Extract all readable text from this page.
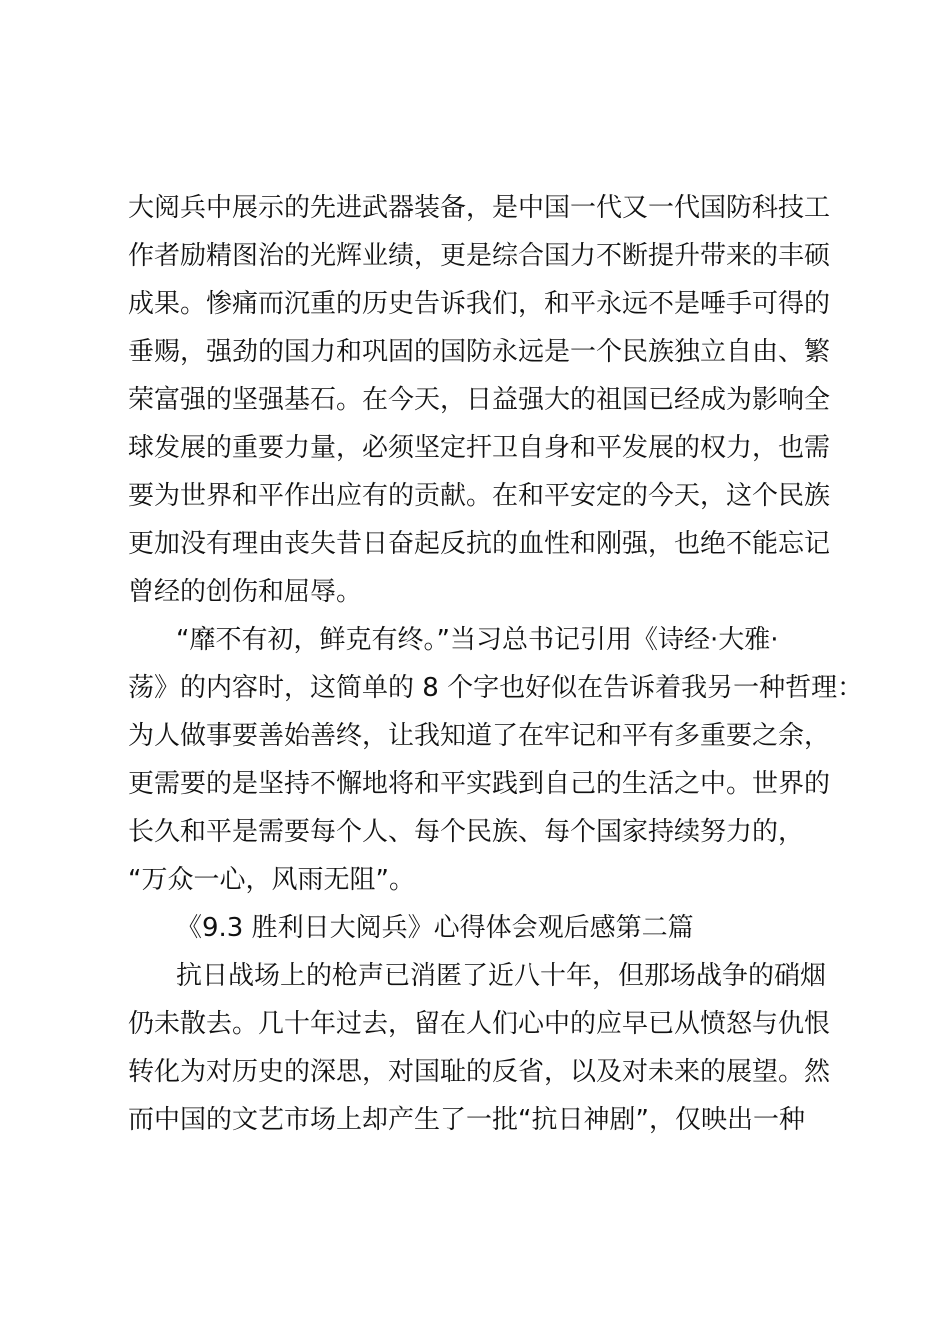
大阅兵中展示的先进武器装备，是中国一代又一代国防科技工
作者励精图治的光辉业绩，更是综合国力不断提升带来的丰硕
成果。惨痛而沉重的历史告诉我们，和平永远不是唾手可得的
垂赐，强劲的国力和巩固的国防永远是一个民族独立自由、繁
荣富强的坚强基石。在今天，日益强大的祖国已经成为影响全
球发展的重要力量，必须坚定扞卫自身和平发展的权力，也需
要为世界和平作出应有的贡献。在和平安定的今天，这个民族
更加没有理由丧失昔日奋起反抗的血性和刚强，也绝不能忘记
曾经的创伤和屈辱。
“靡不有初，鲜克有终。”当习总书记引用《诗经·大雅·
荡》的内容时，这简单的 8 个字也好似在告诉着我另一种哲理：
为人做事要善始善终，让我知道了在牢记和平有多重要之余，
更需要的是坚持不懈地将和平实践到自己的生活之中。世界的
长久和平是需要每个人、每个民族、每个国家持续努力的，
“万众一心，风雨无阻”。
《9.3 胜利日大阅兵》心得体会观后感第二篇
抗日战场上的枪声已消匿了近八十年，但那场战争的硝烟
仍未散去。几十年过去，留在人们心中的应早已从愤怒与仇恨
转化为对历史的深思，对国耻的反省，以及对未来的展望。然
而中国的文艺市场上却产生了一批“抗日神剧”，仅映出一种
